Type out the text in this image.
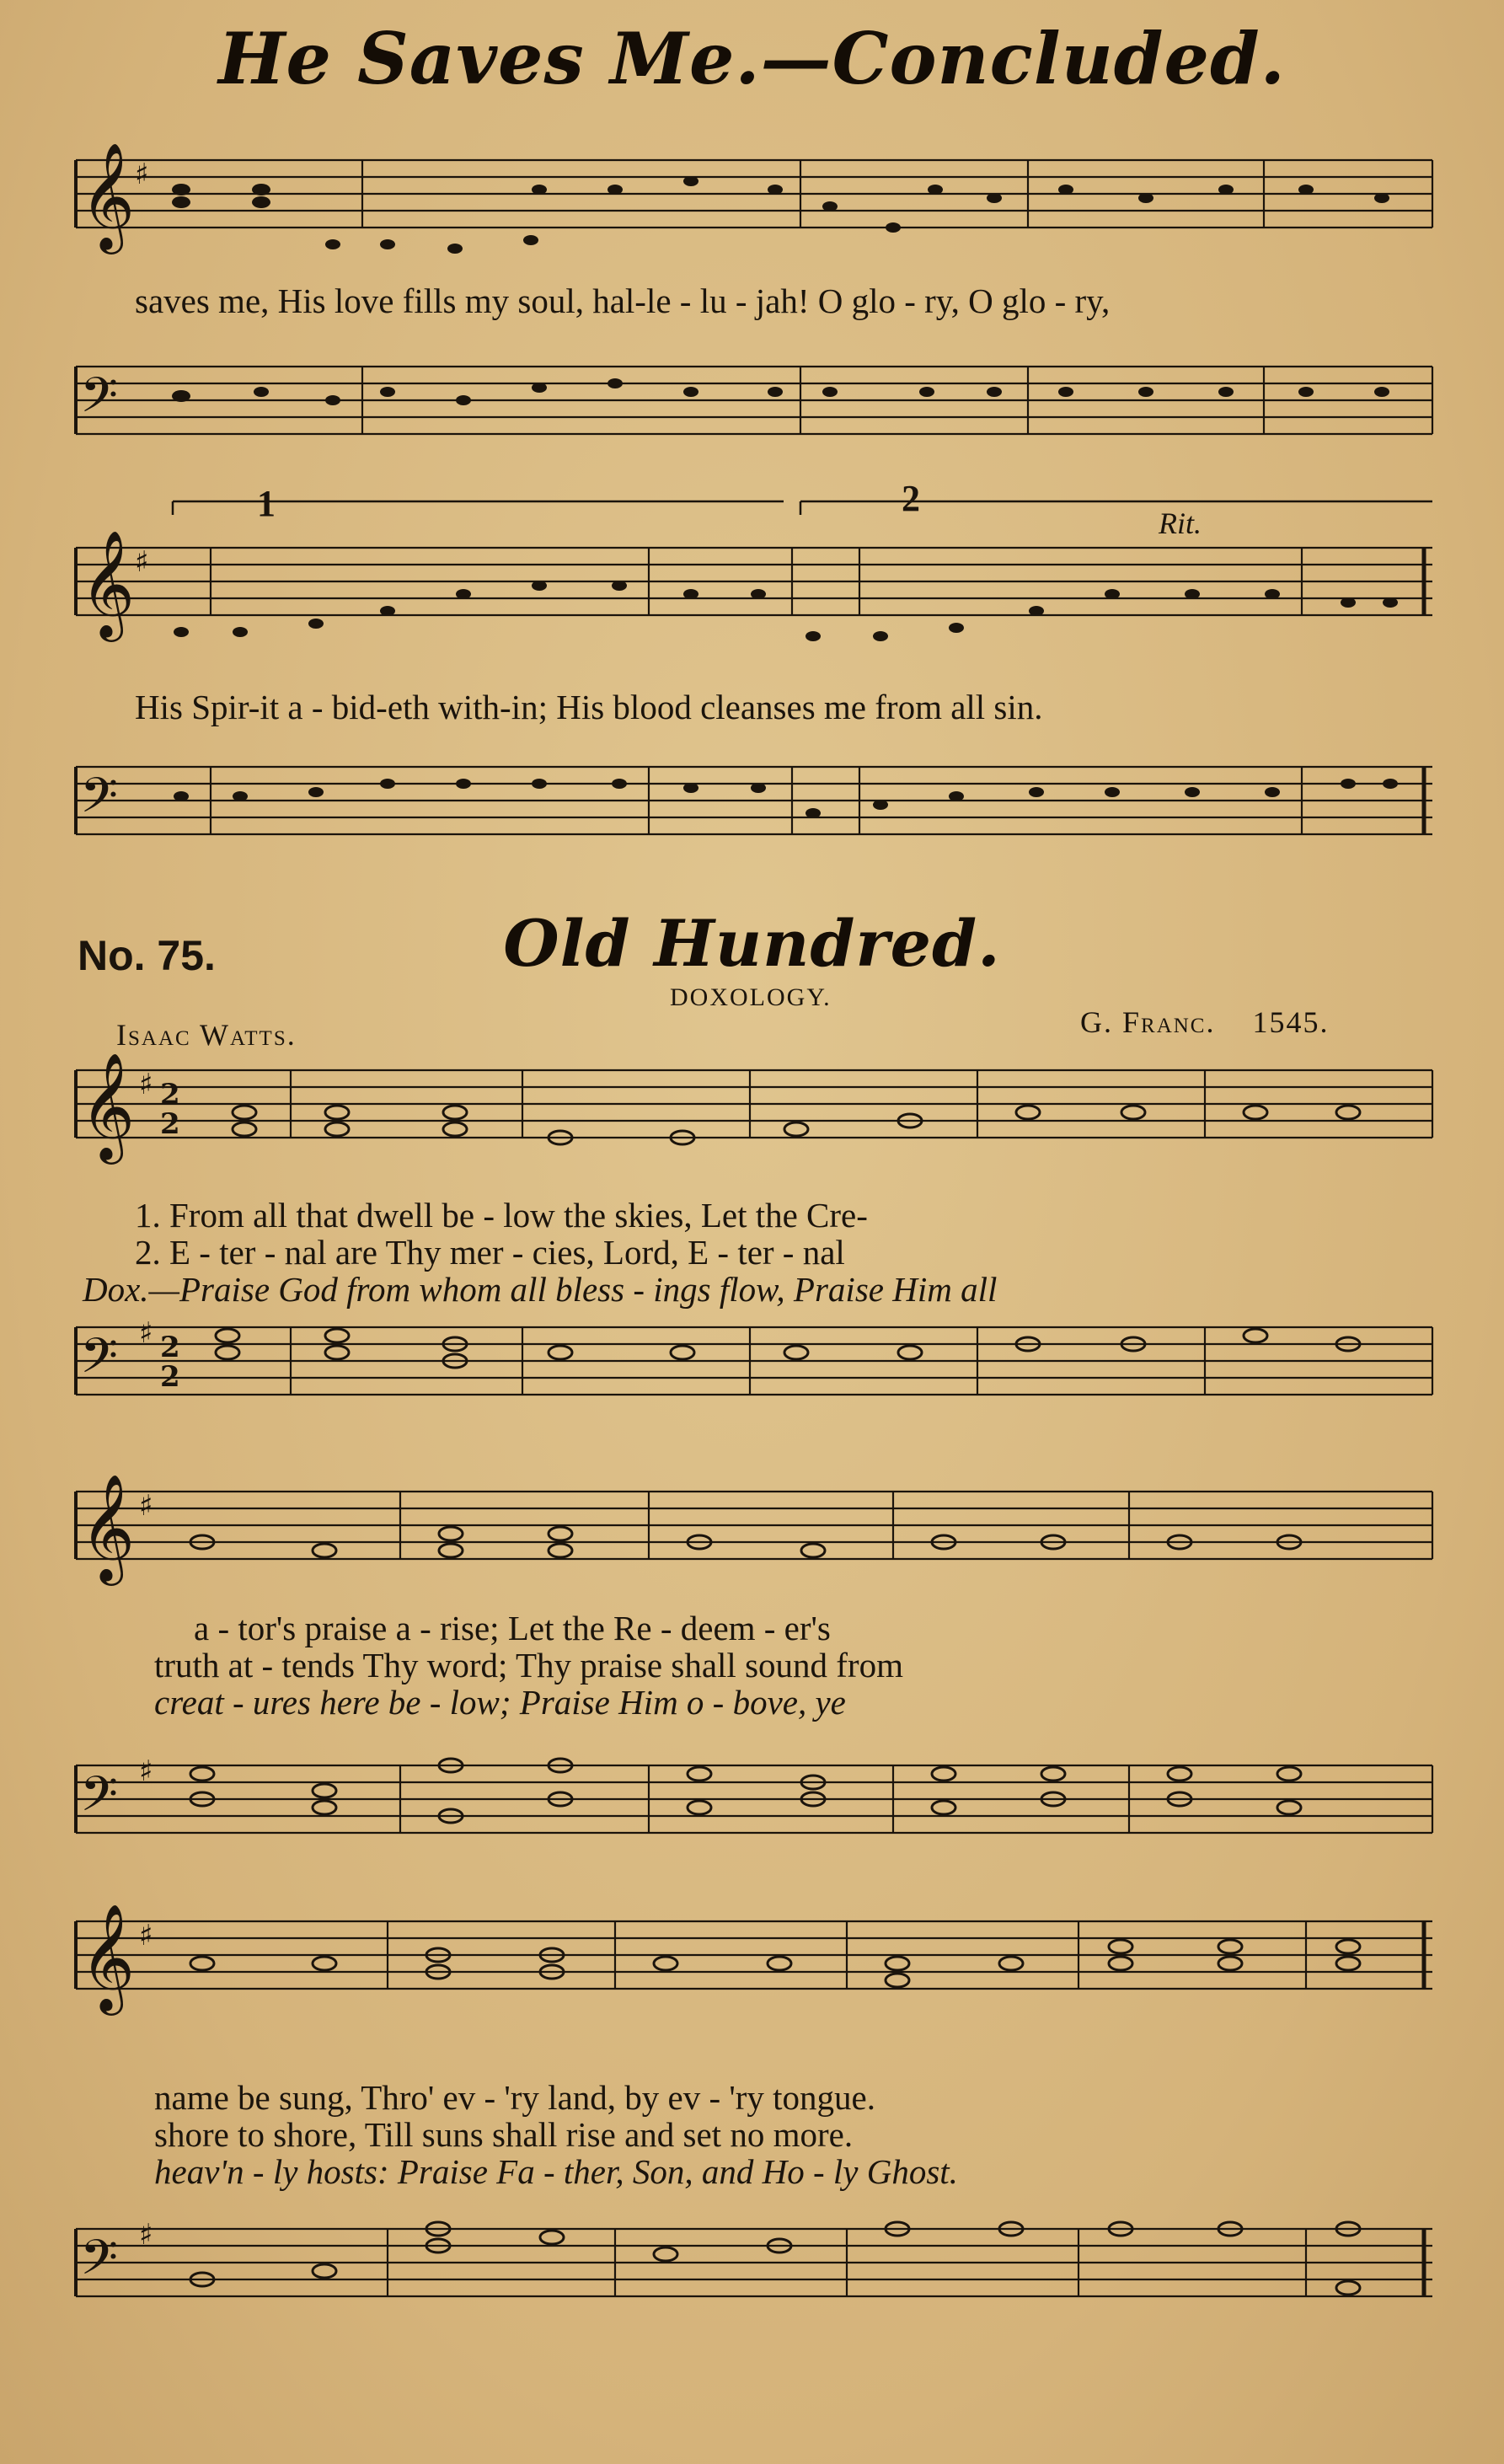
He Saves Me.—Concluded.
𝄞 ♯
saves me, His love fills my soul, hal-le - lu - jah! O glo - ry, O glo - ry,
𝄢
1	2
Rit.
𝄞 ♯
His Spir-it a - bid-eth with-in; His blood cleanses me from all sin.
𝄢
No. 75.	Old Hundred.
DOXOLOGY.
Isaac Watts.	G. Franc. 1545.
𝄞 ♯ 2
2
1. From all that dwell be - low the skies, Let the Cre-
2. E - ter - nal are Thy mer - cies, Lord, E - ter - nal
Dox.—Praise God from whom all bless - ings flow, Praise Him all
𝄢 ♯ 2
2
𝄞 ♯
a - tor's praise a - rise; Let the Re - deem - er's
truth at - tends Thy word; Thy praise shall sound from
creat - ures here be - low; Praise Him o - bove, ye
𝄢 ♯
𝄞 ♯
name be sung, Thro' ev - 'ry land, by ev - 'ry tongue.
shore to shore, Till suns shall rise and set no more.
heav'n - ly hosts: Praise Fa - ther, Son, and Ho - ly Ghost.
𝄢 ♯
